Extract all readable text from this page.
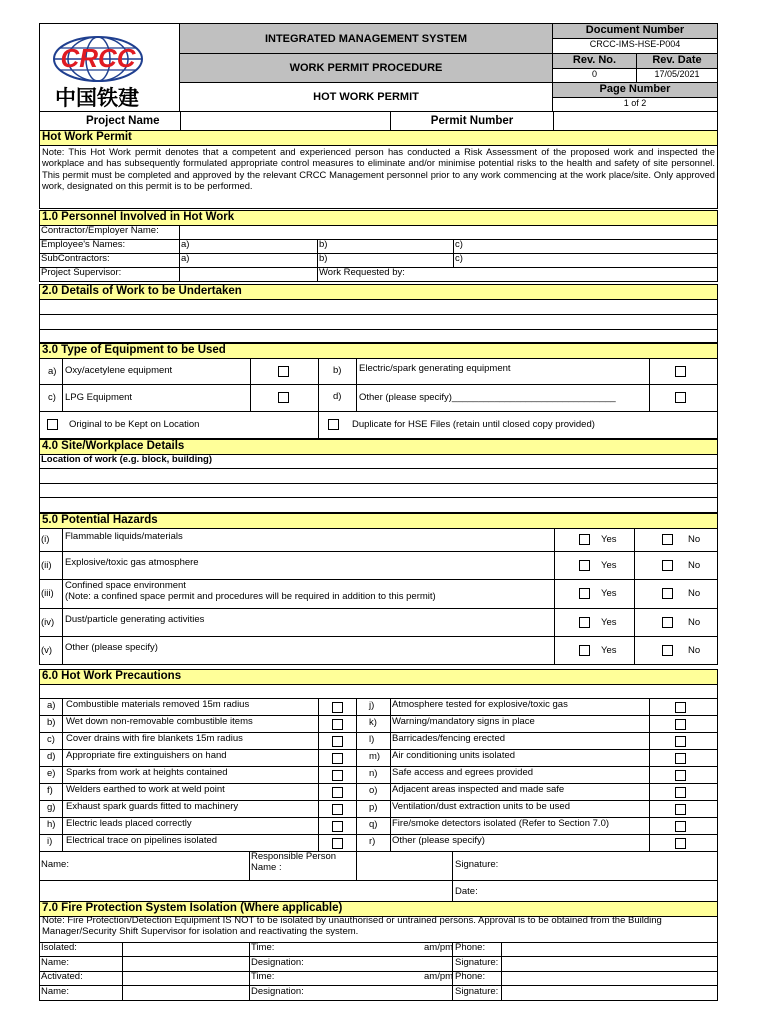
CRCC
中国铁建
INTEGRATED MANAGEMENT SYSTEM
WORK PERMIT PROCEDURE
HOT WORK PERMIT
Document Number
CRCC-IMS-HSE-P004
Rev. No.	Rev. Date
0	17/05/2021
Page Number
1 of 2
Project Name	Permit Number
Hot Work Permit
Note: This Hot Work permit denotes that a competent and experienced person has conducted a Risk Assessment of the proposed work and inspected the workplace and has subsequently formulated appropriate control measures to eliminate and/or minimise potential risks to the health and safety of site personnel. This permit must be completed and approved by the relevant CRCC Management personnel prior to any work commencing at the work place/site. Only approved work, designated on this permit is to be performed.
1.0 Personnel Involved in Hot Work
Contractor/Employer Name:
Employee's Names:	a)	b)	c)
SubContractors:	a)	b)	c)
Project Supervisor:	Work Requested by:
2.0 Details of Work to be Undertaken
3.0 Type of Equipment to be Used
a) Oxy/acetylene equipment	b) Electric/spark generating equipment
c) LPG Equipment	d) Other (please specify)_______________________________
Original to be Kept on Location	Duplicate for HSE Files (retain until closed copy provided)
4.0 Site/Workplace Details
Location of work (e.g. block, building)
5.0 Potential Hazards
(i) Flammable liquids/materials	Yes	No
(ii) Explosive/toxic gas atmosphere	Yes	No
(iii)
Confined space environment
(Note: a confined space permit and procedures will be required in addition to this permit)	Yes	No
(iv) Dust/particle generating activities	Yes	No
(v) Other (please specify)	Yes	No
6.0 Hot Work Precautions
a) Combustible materials removed 15m radius	j) Atmosphere tested for explosive/toxic gas
b) Wet down non-removable combustible items	k) Warning/mandatory signs in place
c) Cover drains with fire blankets 15m radius	l) Barricades/fencing erected
d) Appropriate fire extinguishers on hand	m) Air conditioning units isolated
e) Sparks from work at heights contained	n) Safe access and egrees provided
f) Welders earthed to work at weld point	o) Adjacent areas inspected and made safe
g) Exhaust spark guards fitted to machinery	p) Ventilation/dust extraction units to be used
h) Electric leads placed correctly	q) Fire/smoke detectors isolated (Refer to Section 7.0)
i) Electrical trace on pipelines isolated	r) Other (please specify)
Name:
Responsible Person Name :	Signature:
Date:
7.0 Fire Protection System Isolation (Where applicable)
Note: Fire Protection/Detection Equipment IS NOT to be isolated by unauthorised or untrained persons. Approval is to be obtained from the Building Manager/Security Shift Supervisor for isolation and reactivating the system.
Isolated:	Time:	am/pm Phone:
Name:	Designation:	Signature:
Activated:	Time:	am/pm Phone:
Name:	Designation:	Signature:
